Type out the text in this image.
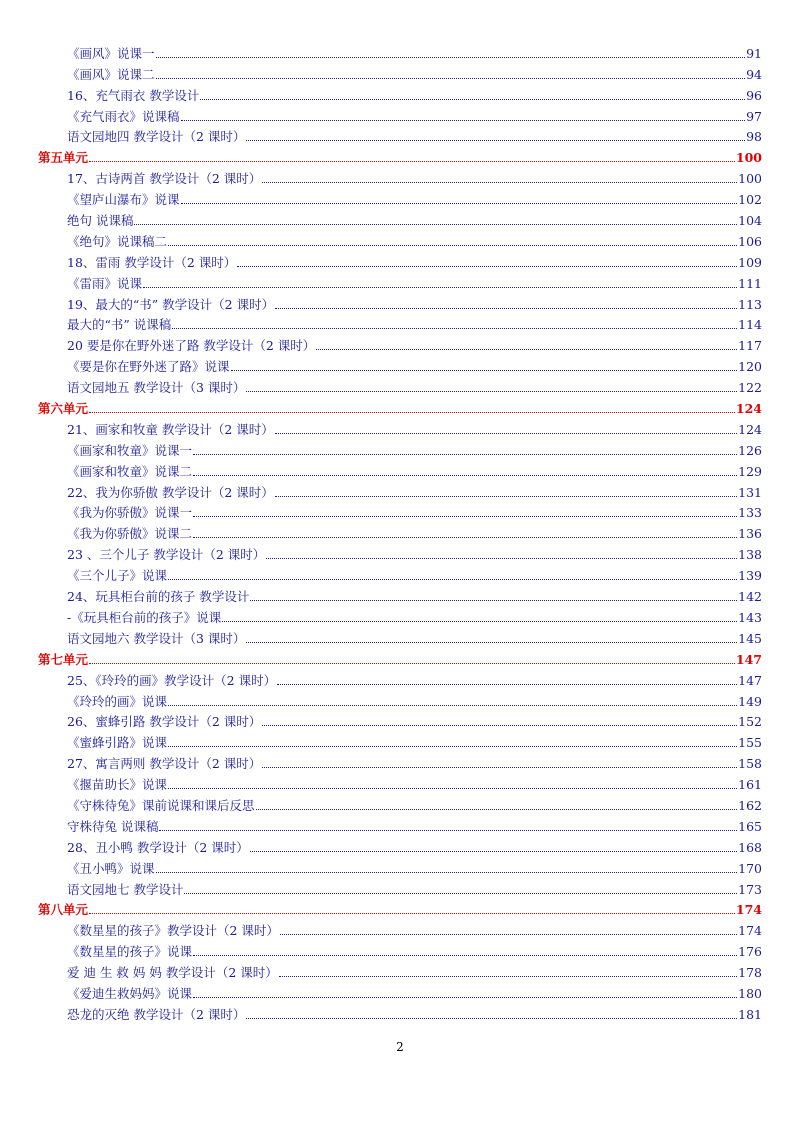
《画风》说课一	91
《画风》说课二	94
16、充气雨衣 教学设计	96
《充气雨衣》说课稿	97
语文园地四 教学设计（2 课时）	98
第五单元	100
17、古诗两首 教学设计（2 课时）	100
《望庐山瀑布》说课	102
绝句 说课稿	104
《绝句》说课稿二	106
18、雷雨 教学设计（2 课时）	109
《雷雨》说课	111
19、最大的“书” 教学设计（2 课时）	113
最大的“书” 说课稿	114
20 要是你在野外迷了路 教学设计（2 课时）	117
《要是你在野外迷了路》说课	120
语文园地五 教学设计（3 课时）	122
第六单元	124
21、画家和牧童 教学设计（2 课时）	124
《画家和牧童》说课一	126
《画家和牧童》说课二	129
22、我为你骄傲 教学设计（2 课时）	131
《我为你骄傲》说课一	133
《我为你骄傲》说课二	136
23 、三个儿子 教学设计（2 课时）	138
《三个儿子》说课	139
24、玩具柜台前的孩子 教学设计	142
-《玩具柜台前的孩子》说课	143
语文园地六 教学设计（3 课时）	145
第七单元	147
25、《玲玲的画》教学设计（2 课时）	147
《玲玲的画》说课	149
26、蜜蜂引路 教学设计（2 课时）	152
《蜜蜂引路》说课	155
27、寓言两则 教学设计（2 课时）	158
《揠苗助长》说课	161
《守株待兔》课前说课和课后反思	162
守株待兔 说课稿	165
28、丑小鸭 教学设计（2 课时）	168
《丑小鸭》说课	170
语文园地七 教学设计	173
第八单元	174
《数星星的孩子》教学设计（2 课时）	174
《数星星的孩子》说课	176
爱 迪 生 救 妈 妈 教学设计（2 课时）	178
《爱迪生救妈妈》说课	180
恐龙的灭绝 教学设计（2 课时）	181
2
